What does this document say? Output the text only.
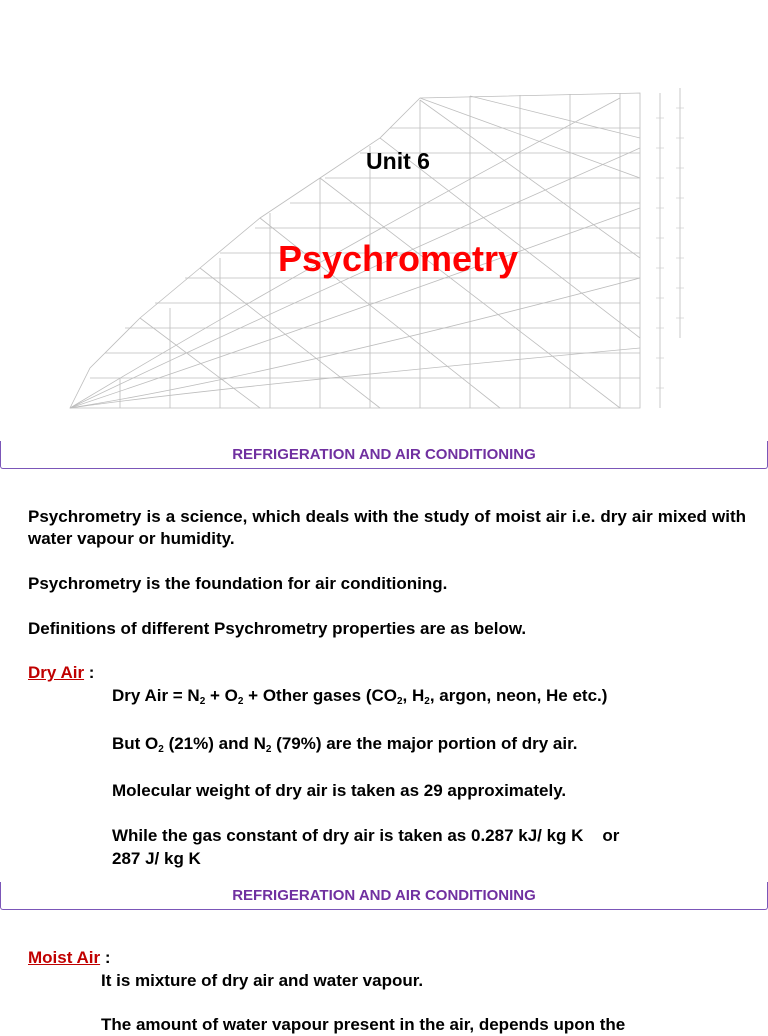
Unit 6
Psychrometry
REFRIGERATION AND AIR CONDITIONING
Psychrometry is a science, which deals with the study of moist air i.e. dry air mixed with water vapour or humidity.
Psychrometry is the foundation for air conditioning.
Definitions of different Psychrometry properties are as below.
Dry Air :
Dry Air = $N_2 + O_2$ + Other gases ($CO_2$, $H_2$, argon, neon, He etc.)
But $O_2$ (21%) and $N_2$ (79%) are the major portion of dry air.
Molecular weight of dry air is taken as 29 approximately.
While the gas constant of dry air is taken as 0.287 kJ/ kg K    or
287 J/ kg K
REFRIGERATION AND AIR CONDITIONING
Moist Air :
It is mixture of dry air and water vapour.
The amount of water vapour present in the air, depends upon the
